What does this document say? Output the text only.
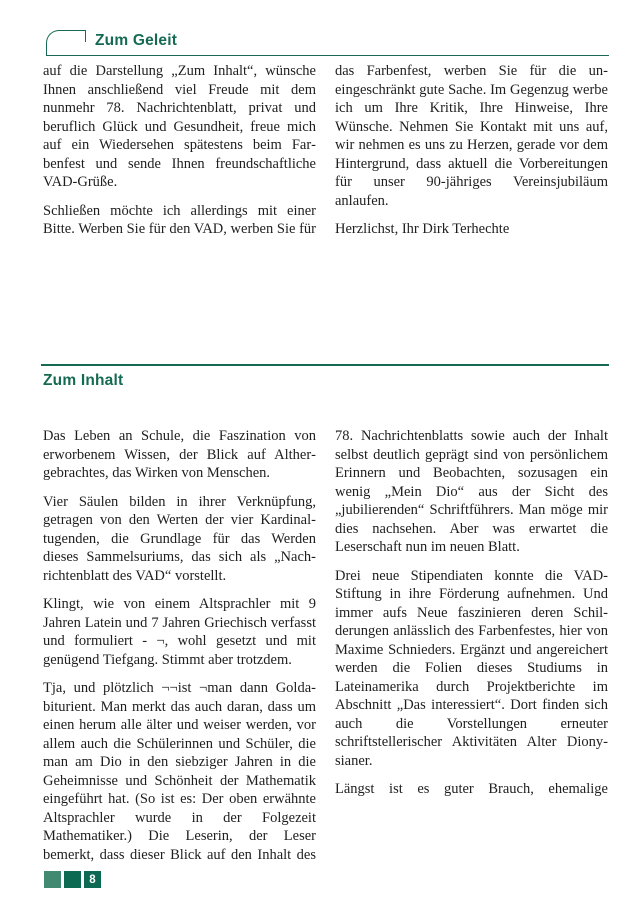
Zum Geleit

auf die Darstellung „Zum Inhalt“, wünsche Ihnen anschließend viel Freude mit dem nunmehr 78. Nachrichtenblatt, privat und beruflich Glück und Gesundheit, freue mich auf ein Wiedersehen spätestens beim Farbenfest und sende Ihnen freundschaftliche VAD-Grüße.

Schließen möchte ich allerdings mit einer Bitte. Werben Sie für den VAD, werben Sie für das Farbenfest, werben Sie für die uneingeschränkt gute Sache. Im Gegenzug werbe ich um Ihre Kritik, Ihre Hinweise, Ihre Wünsche. Nehmen Sie Kontakt mit uns auf, wir nehmen es uns zu Herzen, gerade vor dem Hintergrund, dass aktuell die Vorbereitungen für unser 90-jähriges Vereinsjubiläum anlaufen.

Herzlichst, Ihr Dirk Terhechte

Zum Inhalt

Das Leben an Schule, die Faszination von erworbenem Wissen, der Blick auf Althergebrachtes, das Wirken von Menschen.

Vier Säulen bilden in ihrer Verknüpfung, getragen von den Werten der vier Kardinaltugenden, die Grundlage für das Werden dieses Sammelsuriums, das sich als „Nachrichtenblatt des VAD“ vorstellt.

Klingt, wie von einem Altsprachler mit 9 Jahren Latein und 7 Jahren Griechisch verfasst und formuliert - ¬, wohl gesetzt und mit genügend Tiefgang. Stimmt aber trotzdem.

Tja, und plötzlich ¬¬ist ¬man dann Goldabiturient. Man merkt das auch daran, dass um einen herum alle älter und weiser werden, vor allem auch die Schülerinnen und Schüler, die man am Dio in den siebziger Jahren in die Geheimnisse und Schönheit der Mathematik eingeführt hat. (So ist es: Der oben erwähnte Altsprachler wurde in der Folgezeit Mathematiker.) Die Leserin, der Leser bemerkt, dass dieser Blick auf den Inhalt des 78. Nachrichtenblatts sowie auch der Inhalt selbst deutlich geprägt sind von persönlichem Erinnern und Beobachten, sozusagen ein wenig „Mein Dio“ aus der Sicht des „jubilierenden“ Schriftführers. Man möge mir dies nachsehen. Aber was erwartet die Leserschaft nun im neuen Blatt.

Drei neue Stipendiaten konnte die VAD-Stiftung in ihre Förderung aufnehmen. Und immer aufs Neue faszinieren deren Schilderungen anlässlich des Farbenfestes, hier von Maxime Schnieders. Ergänzt und angereichert werden die Folien dieses Studiums in Lateinamerika durch Projektberichte im Abschnitt „Das interessiert“. Dort finden sich auch die Vorstellungen erneuter schriftstellerischer Aktivitäten Alter Dionysianer.

Längst ist es guter Brauch, ehemalige

8
